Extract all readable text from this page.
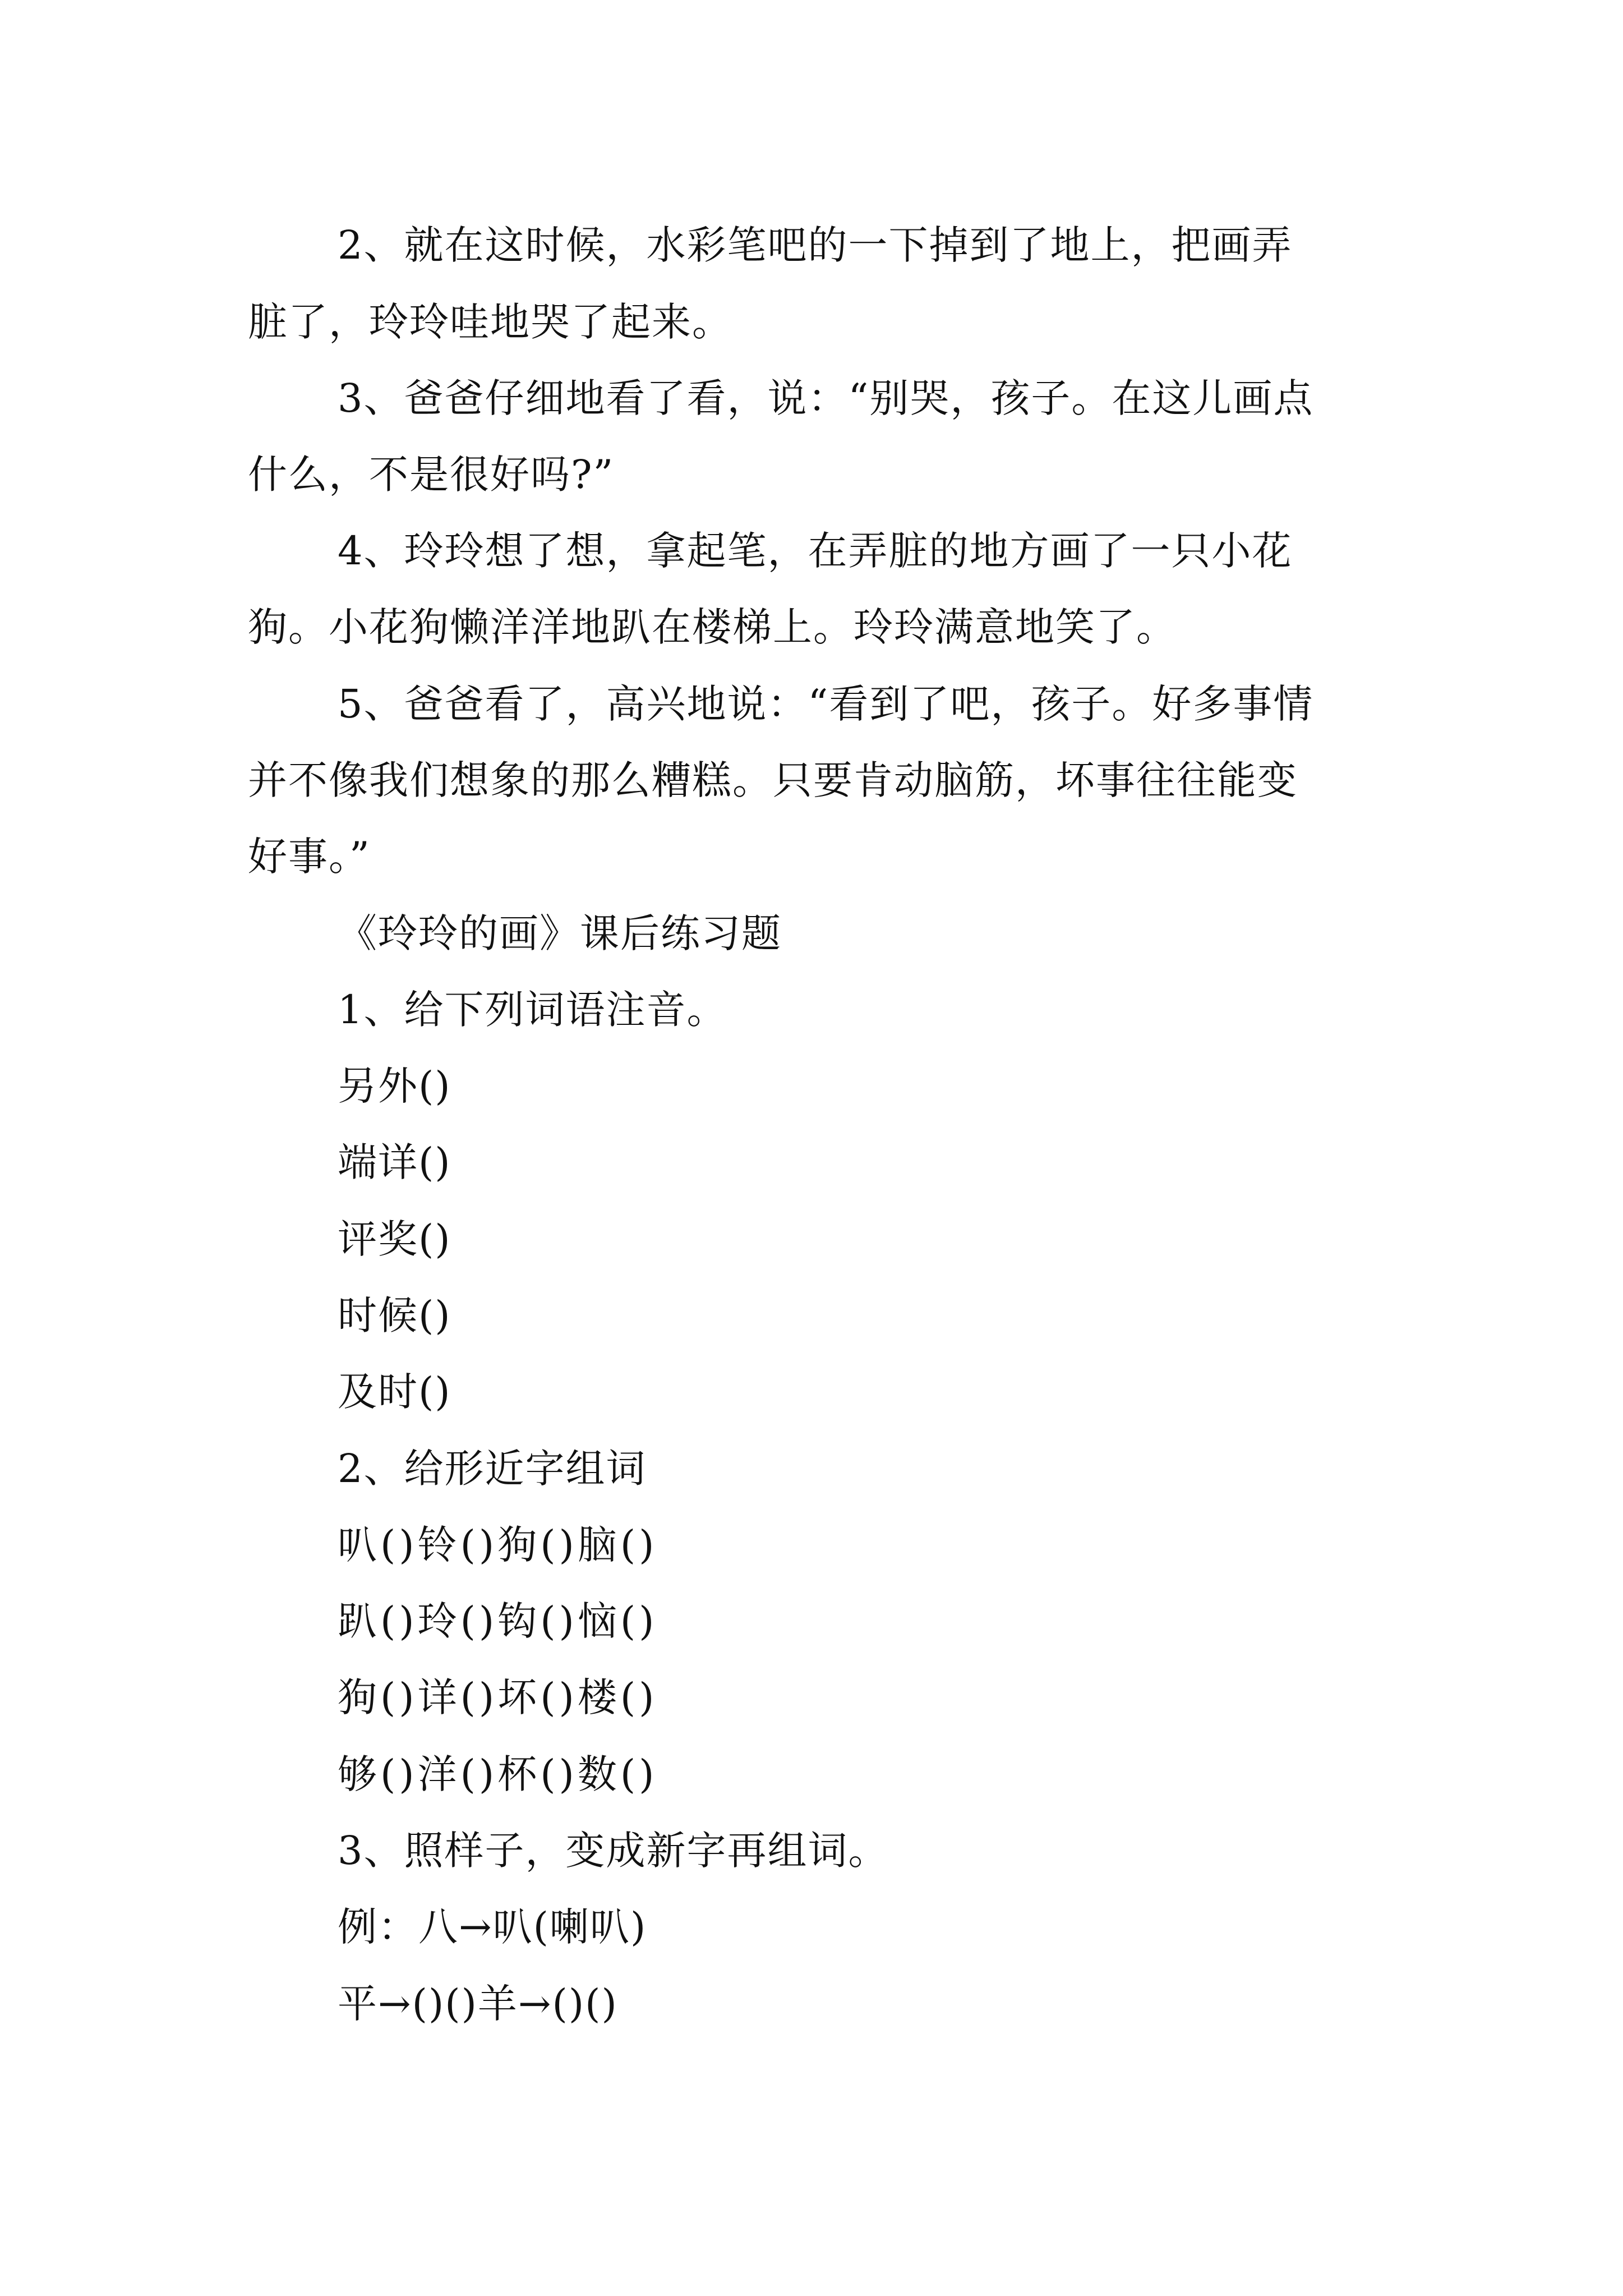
2、就在这时候，水彩笔吧的一下掉到了地上，把画弄
脏了，玲玲哇地哭了起来。
3、爸爸仔细地看了看，说：“别哭，孩子。在这儿画点
什么，不是很好吗?”
4、玲玲想了想，拿起笔，在弄脏的地方画了一只小花
狗。小花狗懒洋洋地趴在楼梯上。玲玲满意地笑了。
5、爸爸看了，高兴地说：“看到了吧，孩子。好多事情
并不像我们想象的那么糟糕。只要肯动脑筋，坏事往往能变
好事。”
《玲玲的画》课后练习题
1、给下列词语注音。
另外()
端详()
评奖()
时候()
及时()
2、给形近字组词
叭()铃()狗()脑()
趴()玲()钩()恼()
狗()详()坏()楼()
够()洋()杯()数()
3、照样子，变成新字再组词。
例：八→叭(喇叭)
平→()()羊→()()
